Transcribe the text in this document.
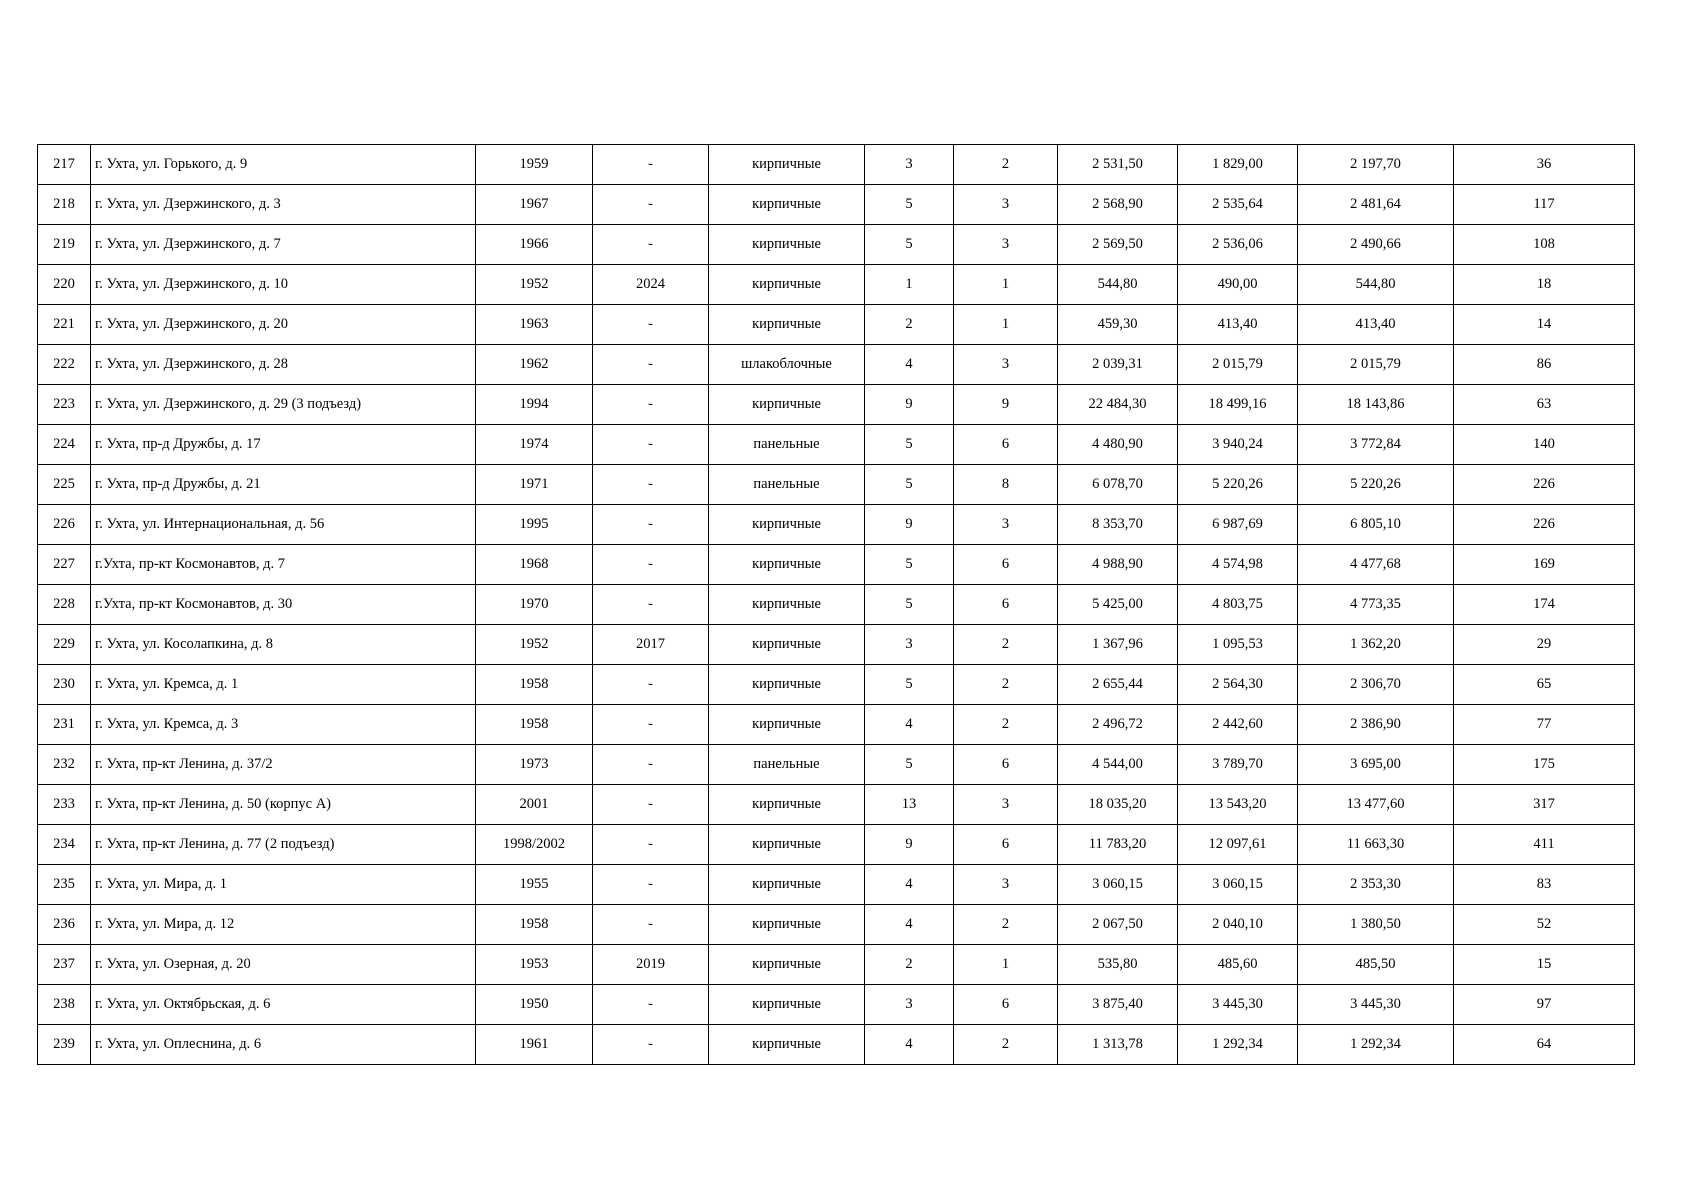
217	г. Ухта, ул. Горького, д. 9	1959	-	кирпичные	3	2	2 531,50	1 829,00	2 197,70	36
218	г. Ухта, ул. Дзержинского, д. 3	1967	-	кирпичные	5	3	2 568,90	2 535,64	2 481,64	117
219	г. Ухта, ул. Дзержинского, д. 7	1966	-	кирпичные	5	3	2 569,50	2 536,06	2 490,66	108
220	г. Ухта, ул. Дзержинского, д. 10	1952	2024	кирпичные	1	1	544,80	490,00	544,80	18
221	г. Ухта, ул. Дзержинского, д. 20	1963	-	кирпичные	2	1	459,30	413,40	413,40	14
222	г. Ухта, ул. Дзержинского, д. 28	1962	-	шлакоблочные	4	3	2 039,31	2 015,79	2 015,79	86
223	г. Ухта, ул. Дзержинского, д. 29 (3 подъезд)	1994	-	кирпичные	9	9	22 484,30	18 499,16	18 143,86	63
224	г. Ухта, пр-д Дружбы, д. 17	1974	-	панельные	5	6	4 480,90	3 940,24	3 772,84	140
225	г. Ухта, пр-д Дружбы, д. 21	1971	-	панельные	5	8	6 078,70	5 220,26	5 220,26	226
226	г. Ухта, ул. Интернациональная, д. 56	1995	-	кирпичные	9	3	8 353,70	6 987,69	6 805,10	226
227	г.Ухта, пр-кт Космонавтов, д. 7	1968	-	кирпичные	5	6	4 988,90	4 574,98	4 477,68	169
228	г.Ухта, пр-кт Космонавтов, д. 30	1970	-	кирпичные	5	6	5 425,00	4 803,75	4 773,35	174
229	г. Ухта, ул. Косолапкина, д. 8	1952	2017	кирпичные	3	2	1 367,96	1 095,53	1 362,20	29
230	г. Ухта, ул. Кремса, д. 1	1958	-	кирпичные	5	2	2 655,44	2 564,30	2 306,70	65
231	г. Ухта, ул. Кремса, д. 3	1958	-	кирпичные	4	2	2 496,72	2 442,60	2 386,90	77
232	г. Ухта, пр-кт Ленина, д. 37/2	1973	-	панельные	5	6	4 544,00	3 789,70	3 695,00	175
233	г. Ухта, пр-кт Ленина, д. 50 (корпус А)	2001	-	кирпичные	13	3	18 035,20	13 543,20	13 477,60	317
234	г. Ухта, пр-кт Ленина, д. 77 (2 подъезд)	1998/2002	-	кирпичные	9	6	11 783,20	12 097,61	11 663,30	411
235	г. Ухта, ул. Мира, д. 1	1955	-	кирпичные	4	3	3 060,15	3 060,15	2 353,30	83
236	г. Ухта, ул. Мира, д. 12	1958	-	кирпичные	4	2	2 067,50	2 040,10	1 380,50	52
237	г. Ухта, ул. Озерная, д. 20	1953	2019	кирпичные	2	1	535,80	485,60	485,50	15
238	г. Ухта, ул. Октябрьская, д. 6	1950	-	кирпичные	3	6	3 875,40	3 445,30	3 445,30	97
239	г. Ухта, ул. Оплеснина, д. 6	1961	-	кирпичные	4	2	1 313,78	1 292,34	1 292,34	64
